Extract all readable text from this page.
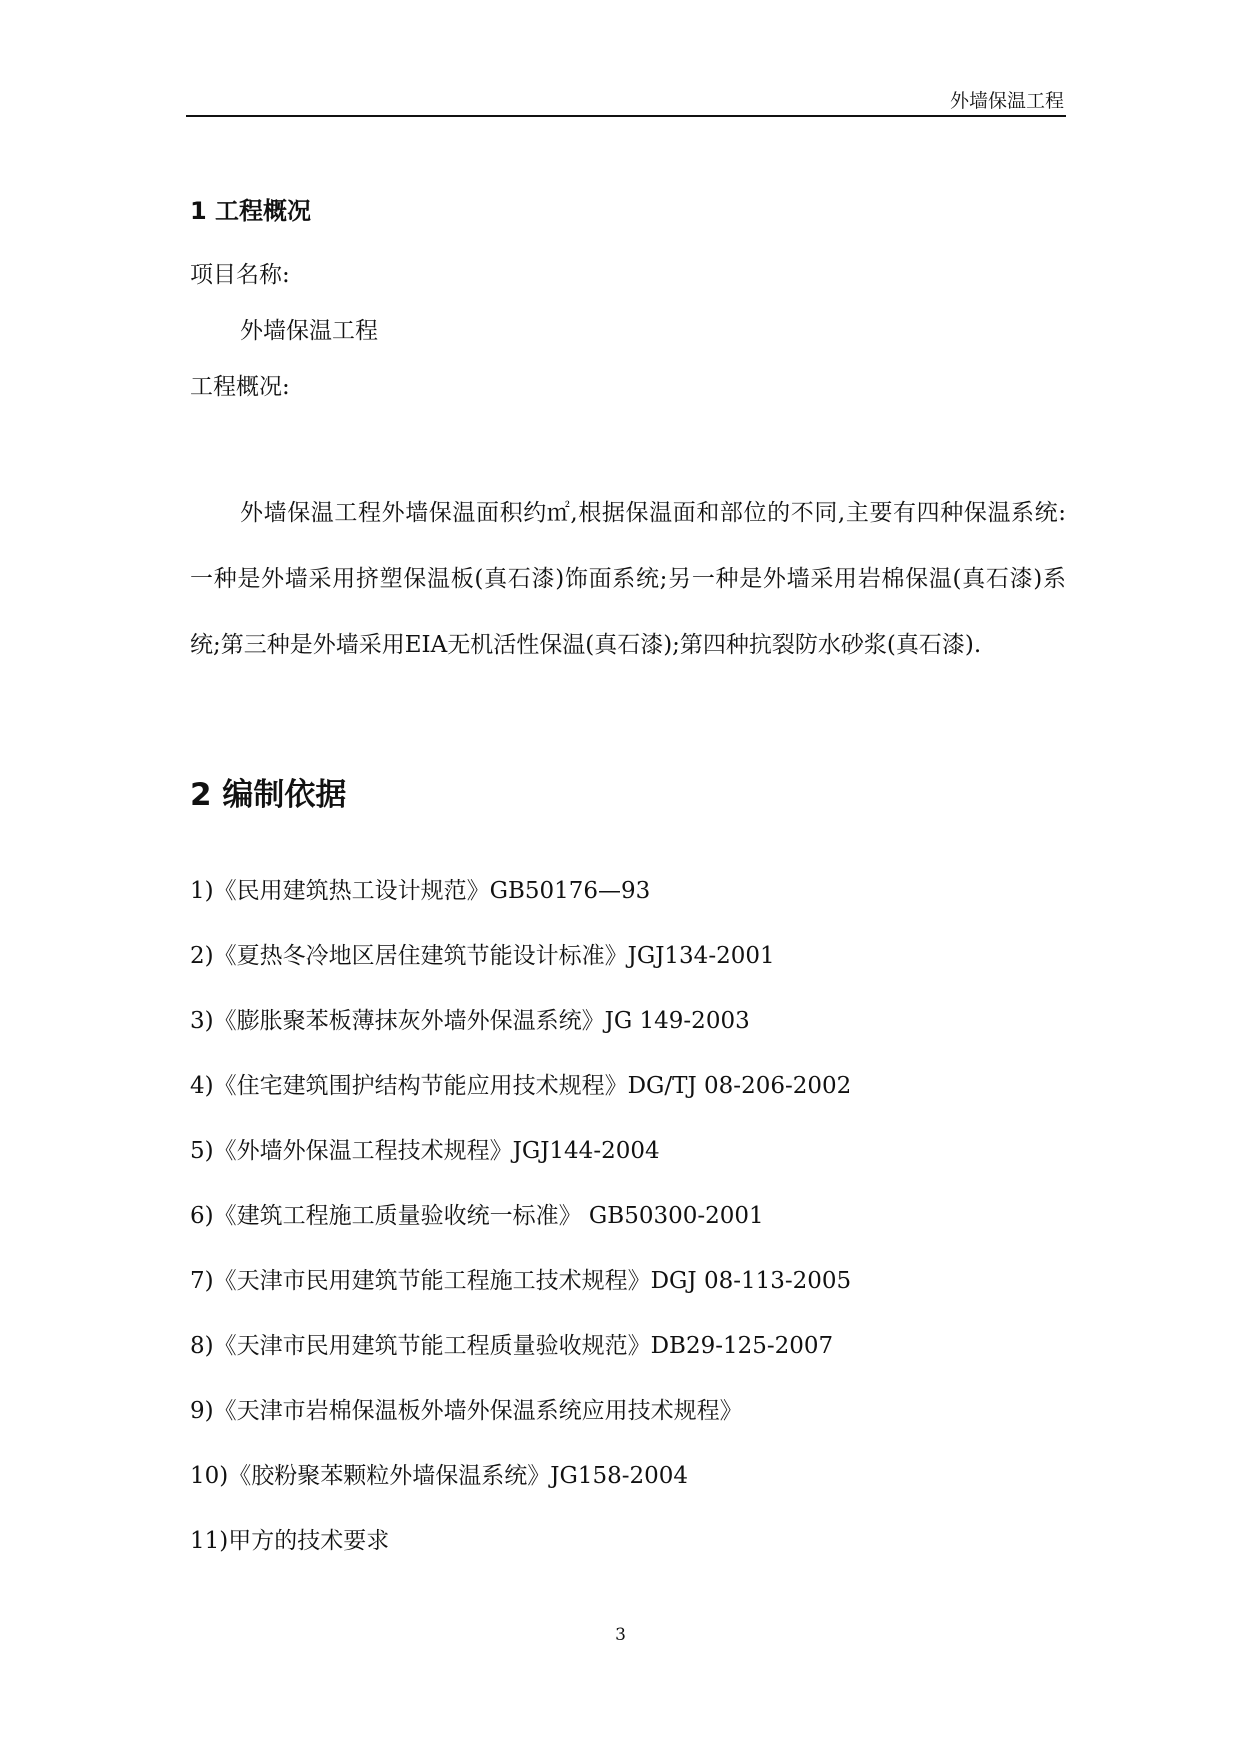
外墙保温工程
1 工程概况
项目名称:
外墙保温工程
工程概况:

外墙保温工程外墙保温面积约㎡,根据保温面和部位的不同,主要有四种保温系统:一种是外墙采用挤塑保温板(真石漆)饰面系统;另一种是外墙采用岩棉保温(真石漆)系统;第三种是外墙采用EIA无机活性保温(真石漆);第四种抗裂防水砂浆(真石漆).

2 编制依据
1)《民用建筑热工设计规范》GB50176—93
2)《夏热冬冷地区居住建筑节能设计标准》JGJ134-2001
3)《膨胀聚苯板薄抹灰外墙外保温系统》JG 149-2003
4)《住宅建筑围护结构节能应用技术规程》DG/TJ 08-206-2002
5)《外墙外保温工程技术规程》JGJ144-2004
6)《建筑工程施工质量验收统一标准》 GB50300-2001
7)《天津市民用建筑节能工程施工技术规程》DGJ 08-113-2005
8)《天津市民用建筑节能工程质量验收规范》DB29-125-2007
9)《天津市岩棉保温板外墙外保温系统应用技术规程》
10)《胶粉聚苯颗粒外墙保温系统》JG158-2004
11)甲方的技术要求
3
